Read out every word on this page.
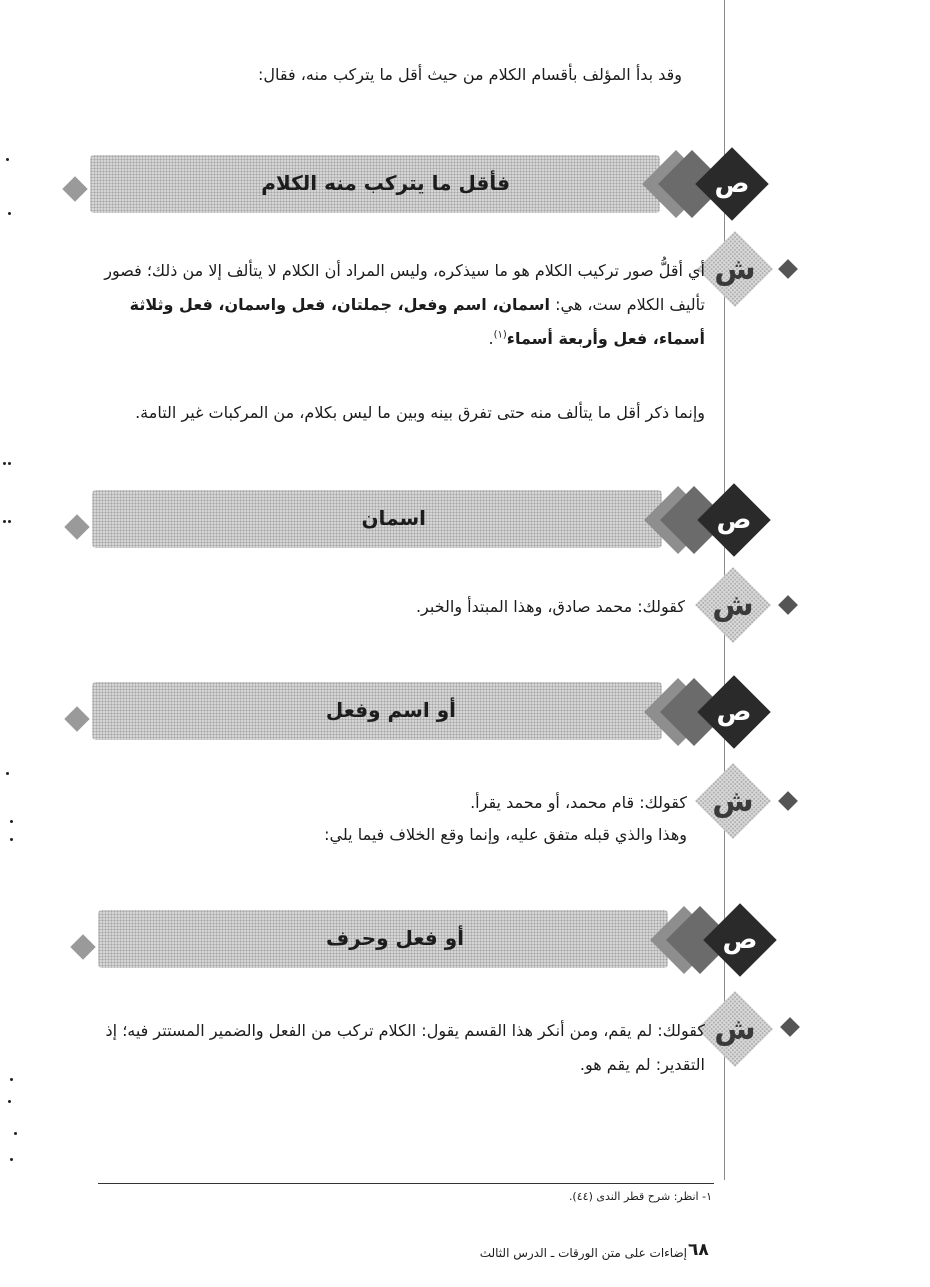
وقد بدأ المؤلف بأقسام الكلام من حيث أقل ما يتركب منه، فقال:
فأقل ما يتركب منه الكلام	ص
ش
أي أقلُّ صور تركيب الكلام هو ما سيذكره، وليس المراد أن الكلام لا يتألف إلا من ذلك؛ فصور تأليف الكلام ست، هي: اسمان، اسم وفعل، جملتان، فعل واسمان، فعل وثلاثة أسماء، فعل وأربعة أسماء$^{(١)}$.
وإنما ذكر أقل ما يتألف منه حتى تفرق بينه وبين ما ليس بكلام، من المركبات غير التامة.
اسمان	ص
ش
كقولك: محمد صادق، وهذا المبتدأ والخبر.
أو اسم وفعل	ص
ش
كقولك: قام محمد، أو محمد يقرأ.
وهذا والذي قبله متفق عليه، وإنما وقع الخلاف فيما يلي:
أو فعل وحرف	ص
ش
كقولك: لم يقم، ومن أنكر هذا القسم يقول: الكلام تركب من الفعل والضمير المستتر فيه؛ إذ التقدير: لم يقم هو.
١- انظر: شرح قطر الندى (٤٤).
إضاءات على متن الورقات ـ الدرس الثالث ٦٨
